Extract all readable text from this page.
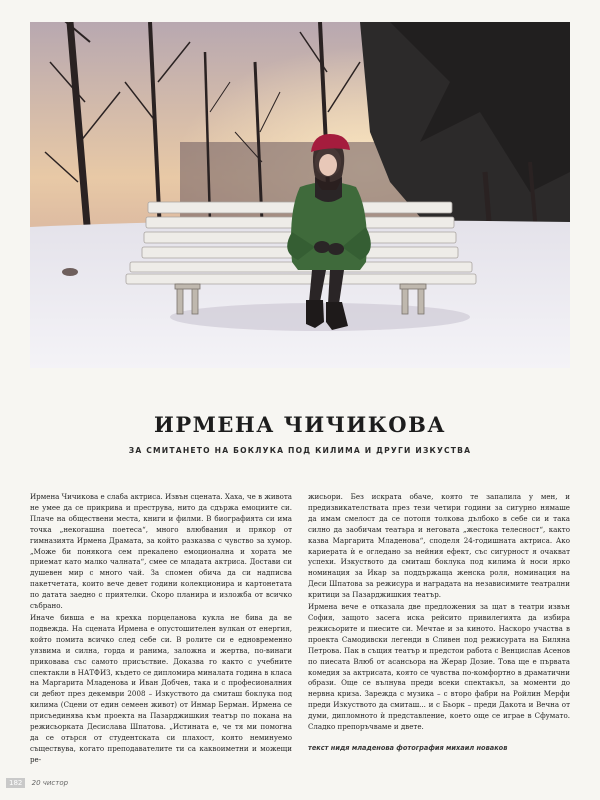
ИРМЕНА ЧИЧИКОВА
ЗА СМИТАНЕТО НА БОКЛУКА ПОД КИЛИМА И ДРУГИ ИЗКУСТВА

Ирмена Чичикова е слаба актриса. Извън сцената. Хаха, че в живота не умее да се прикрива и преструва, нито да сдържа емоциите си. Плаче на обществени места, книги и филми. В биографията си има точка „некогашна поетеса“, много влюбвания и прякор от гимназията Ирмена Драмата, за който разказва с чувство за хумор. „Може би понякога сем прекалено емоционална и хората ме приемат като малко чалната“, смее се младата актриса. Достави си душевен мир с много чай. За спомен обича да си надписва пакетчетата, които вече девет години колекционира и картонетата по датата заедно с приятелки. Скоро планира и изложба от всичко събрано.

Иначе бивша е на крехка порцеланова кукла не бива да ве подвежда. На сцената Ирмена е опустошителен вулкан от енергия, който помита всичко след себе си. В ролите си е едновременно уязвима и силна, горда и ранима, заложна и жертва, по-винаги приковава със самото присъствие. Доказва го както с учебните спектакли в НАТФИЗ, където се дипломира миналата година в класа на Маргарита Младенова и Иван Добчев, така и с професионалния си дебют през декември 2008 – Изкуството да смиташ боклука под килима (Сцени от един семеен живот) от Инмар Берман. Ирмена се присъединява към проекта на Пазарджишкия театър по покана на режисьорката Десислава Шпатова. „Истината е, че тя ми помогна да се отърся от студентската си плахост, която неминуемо съществува, когато преподавателите ти са каквоиметни и можещи ре-

жисьори. Без искрата обаче, която те запалила у мен, и предизвикателствата през тези четири години за сигурно нямаше да имам смелост да се потопя толкова дълбоко в себе си и така силно да заобичам театъра и неговата „жестока телесност“, както казва Маргарита Младенова“, споделя 24-годишната актриса. Ако кариерата ѝ е огледано за нейния ефект, със сигурност я очакват успехи. Изкуството да смиташ боклука под килима ѝ носи ярко номинация за Икар за поддържаща женска роля, номинация на Деси Шпатова за режисура и наградата на независимите театрални критици за Пазарджишкия театър.

Ирмена вече е отказала две предложения за щат в театри извън София, защото засега иска рейсито привилегията да избира режисьорите и пиесите си. Мечтае и за киното. Наскоро участва в проекта Самодивски легенди в Сливен под режисурата на Биляна Петрова. Пак в същия театър и предстои работа с Венцислав Асенов по пиесата Влюб от асансьора на Жерар Дозие. Това ще е първата комедия за актрисата, която се чувства по-комфортно в драматични образи. Още се вълнува преди всеки спектакъл, за моменти до нервна криза. Зарежда с музика – с второ фабри на Ройлин Мерфи преди Изкуството да смиташ... и с Бьорк – преди Дакота и Вечна от думи, дипломното ѝ представление, което още се играе в Сфумато. Сладко препоръчваме и двете.

текст нидя младенова фотография михаил новаков
182 20 чистор
